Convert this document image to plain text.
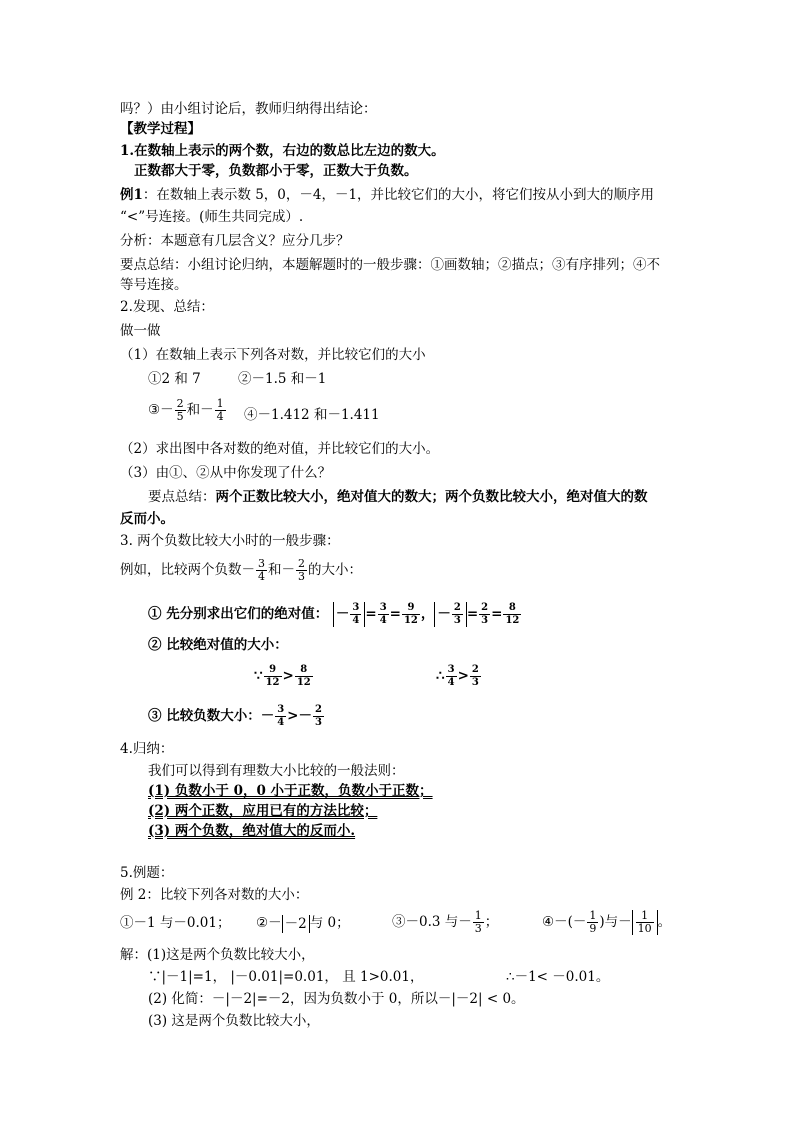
吗？）由小组讨论后，教师归纳得出结论：
【教学过程】
1.在数轴上表示的两个数，右边的数总比左边的数大。
正数都大于零，负数都小于零，正数大于负数。
例1：在数轴上表示数 5，0，－4，－1，并比较它们的大小，将它们按从小到大的顺序用
“<”号连接。(师生共同完成）.
分析：本题意有几层含义？应分几步？
要点总结：小组讨论归纳，本题解题时的一般步骤：①画数轴；②描点；③有序排列；④不
等号连接。
2.发现、总结：
做一做
（1）在数轴上表示下列各对数，并比较它们的大小
①2 和 7	②－1.5 和－1
③－ $\frac{2}{5}$ 和－ $\frac{1}{4}$ ④－1.412 和－1.411
（2）求出图中各对数的绝对值，并比较它们的大小。
（3）由①、②从中你发现了什么？
要点总结：两个正数比较大小，绝对值大的数大；两个负数比较大小，绝对值大的数
反而小。
3. 两个负数比较大小时的一般步骤：
例如，比较两个负数－ $\frac{3}{4}$ 和－ $\frac{2}{3}$ 的大小：
① 先分别求出它们的绝对值： － $\frac{3}{4} = \frac{3}{4} = \frac{9}{12}$ ， － $\frac{2}{3} = \frac{2}{3} = \frac{8}{12}$
② 比较绝对值的大小：
∵ $\frac{9}{12} > \frac{8}{12}$	∴ $\frac{3}{4} > \frac{2}{3}$
③ 比较负数大小：－ $\frac{3}{4} >- \frac{2}{3}$
4.归纳：
我们可以得到有理数大小比较的一般法则：
(1) 负数小于 0，0 小于正数，负数小于正数；
(2) 两个正数，应用已有的方法比较；
(3) 两个负数，绝对值大的反而小.
5.例题：
例 2：比较下列各对数的大小：
①－1 与－0.01； ②－ －2 与 0；	③－0.3 与－ $\frac{1}{3}$ ；	④－(－ $\frac{1}{9}$ )与－ $\frac{1}{10}$ 。
解：(1)这是两个负数比较大小，
∵|－1|=1， |－0.01|=0.01， 且 1>0.01，	∴－1< －0.01。
(2) 化简：－|－2|=－2，因为负数小于 0，所以－|－2| < 0。
(3) 这是两个负数比较大小，
